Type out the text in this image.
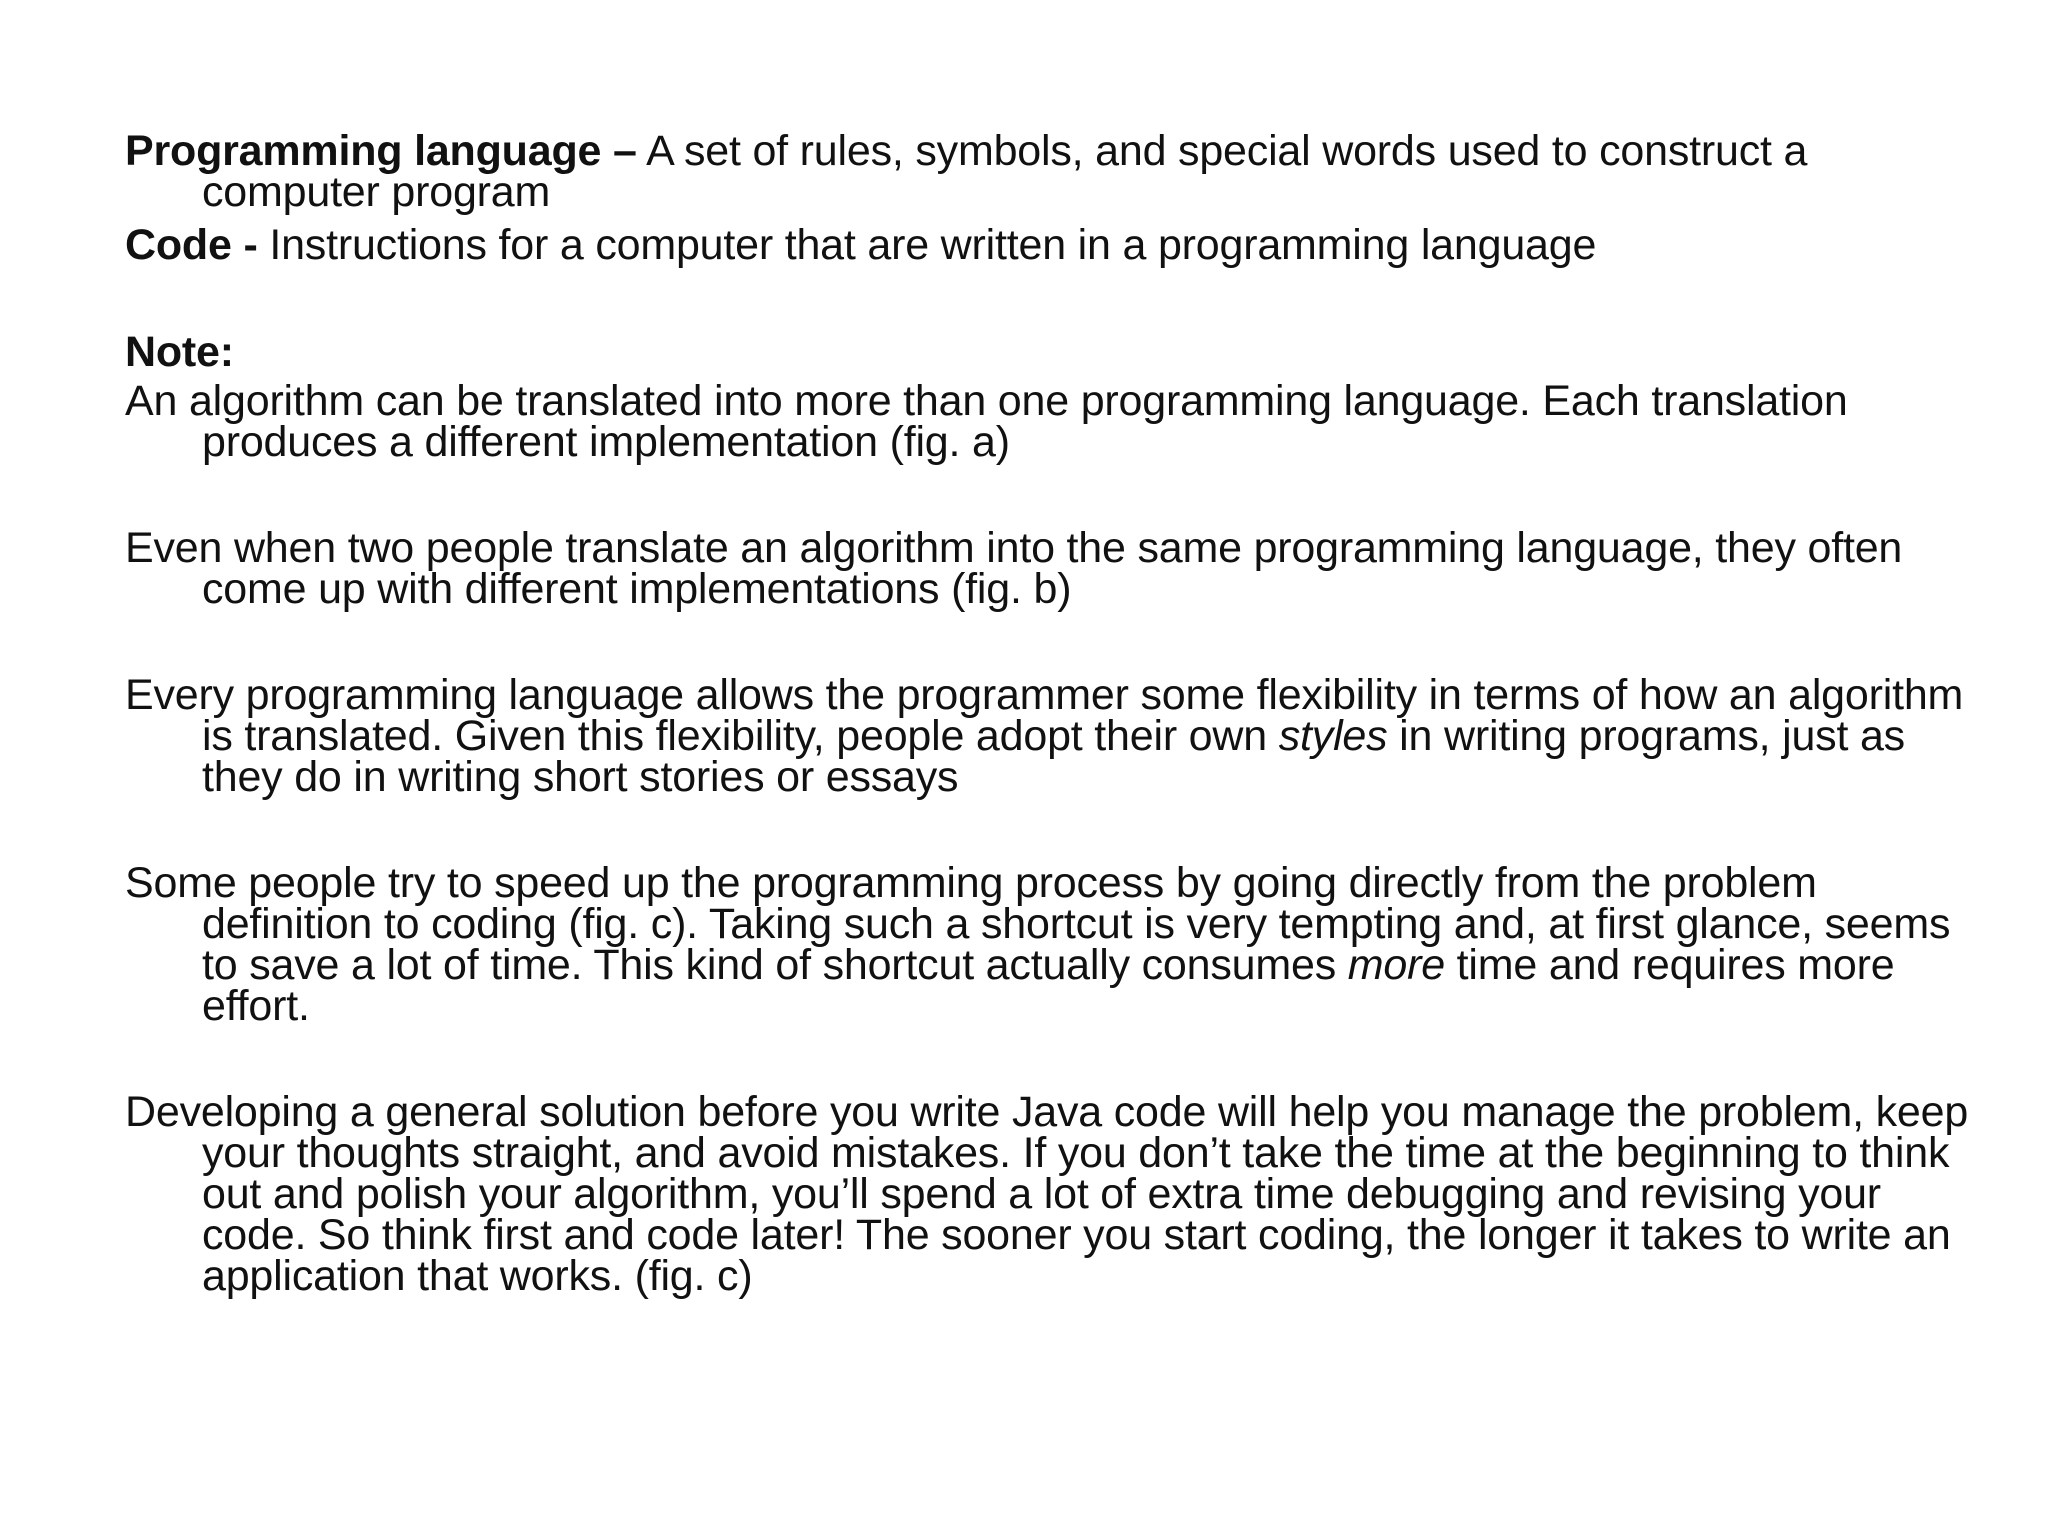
Programming language – A set of rules, symbols, and special words used to construct a computer program

Code - Instructions for a computer that are written in a programming language

Note:

An algorithm can be translated into more than one programming language. Each translation produces a different implementation (fig. a)

Even when two people translate an algorithm into the same programming language, they often come up with different implementations (fig. b)

Every programming language allows the programmer some flexibility in terms of how an algorithm is translated. Given this flexibility, people adopt their own styles in writing programs, just as they do in writing short stories or essays

Some people try to speed up the programming process by going directly from the problem definition to coding (fig. c). Taking such a shortcut is very tempting and, at first glance, seems to save a lot of time. This kind of shortcut actually consumes more time and requires more effort.

Developing a general solution before you write Java code will help you manage the problem, keep your thoughts straight, and avoid mistakes. If you don’t take the time at the beginning to think out and polish your algorithm, you’ll spend a lot of extra time debugging and revising your code. So think first and code later! The sooner you start coding, the longer it takes to write an application that works. (fig. c)
